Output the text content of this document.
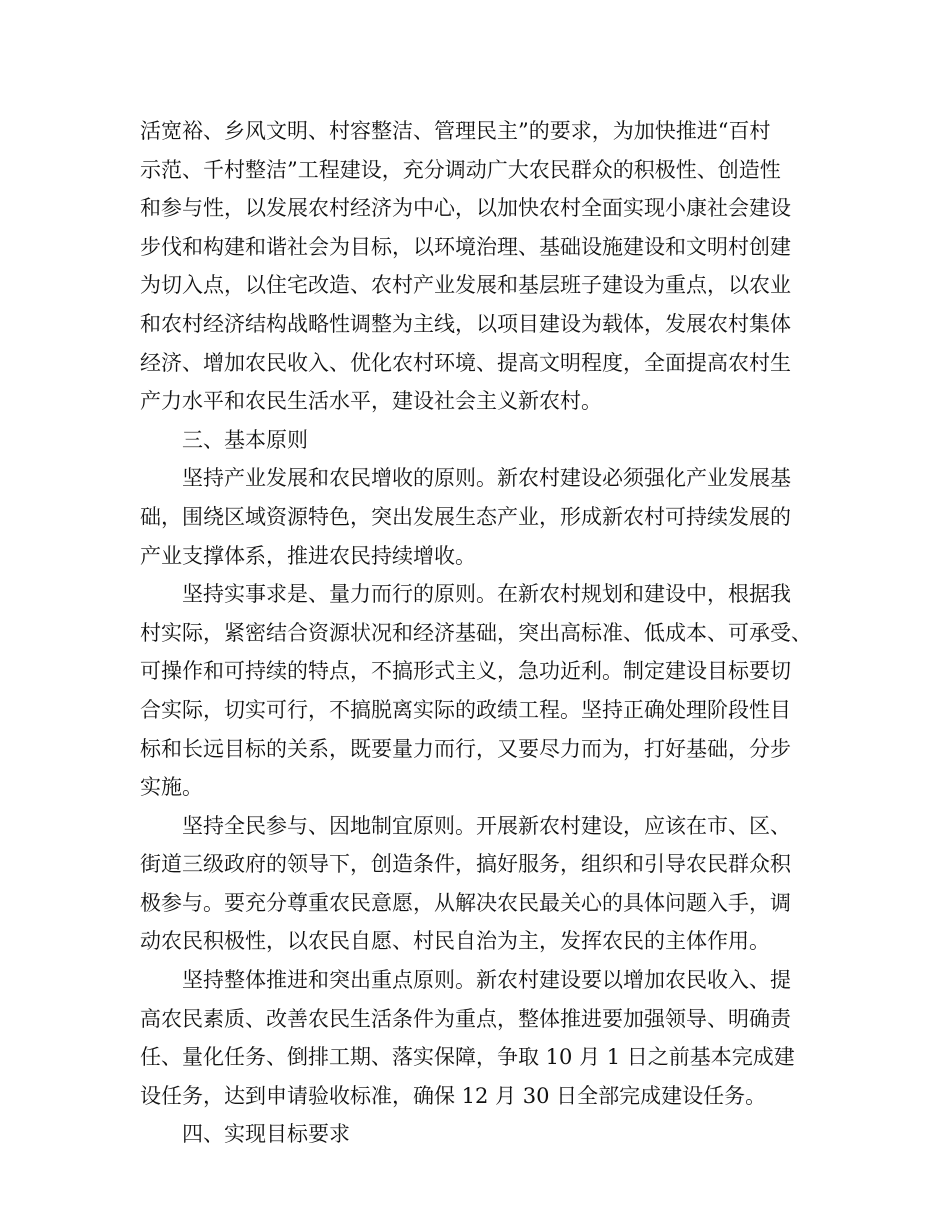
活宽裕、乡风文明、村容整洁、管理民主”的要求，为加快推进“百村
示范、千村整洁”工程建设，充分调动广大农民群众的积极性、创造性
和参与性，以发展农村经济为中心，以加快农村全面实现小康社会建设
步伐和构建和谐社会为目标，以环境治理、基础设施建设和文明村创建
为切入点，以住宅改造、农村产业发展和基层班子建设为重点，以农业
和农村经济结构战略性调整为主线，以项目建设为载体，发展农村集体
经济、增加农民收入、优化农村环境、提高文明程度，全面提高农村生
产力水平和农民生活水平，建设社会主义新农村。
三、基本原则
坚持产业发展和农民增收的原则。新农村建设必须强化产业发展基
础，围绕区域资源特色，突出发展生态产业，形成新农村可持续发展的
产业支撑体系，推进农民持续增收。
坚持实事求是、量力而行的原则。在新农村规划和建设中，根据我
村实际，紧密结合资源状况和经济基础，突出高标准、低成本、可承受、
可操作和可持续的特点，不搞形式主义，急功近利。制定建设目标要切
合实际，切实可行，不搞脱离实际的政绩工程。坚持正确处理阶段性目
标和长远目标的关系，既要量力而行，又要尽力而为，打好基础，分步
实施。
坚持全民参与、因地制宜原则。开展新农村建设，应该在市、区、
街道三级政府的领导下，创造条件，搞好服务，组织和引导农民群众积
极参与。要充分尊重农民意愿，从解决农民最关心的具体问题入手，调
动农民积极性，以农民自愿、村民自治为主，发挥农民的主体作用。
坚持整体推进和突出重点原则。新农村建设要以增加农民收入、提
高农民素质、改善农民生活条件为重点，整体推进要加强领导、明确责
任、量化任务、倒排工期、落实保障，争取 10 月 1 日之前基本完成建
设任务，达到申请验收标准，确保 12 月 30 日全部完成建设任务。
四、实现目标要求
